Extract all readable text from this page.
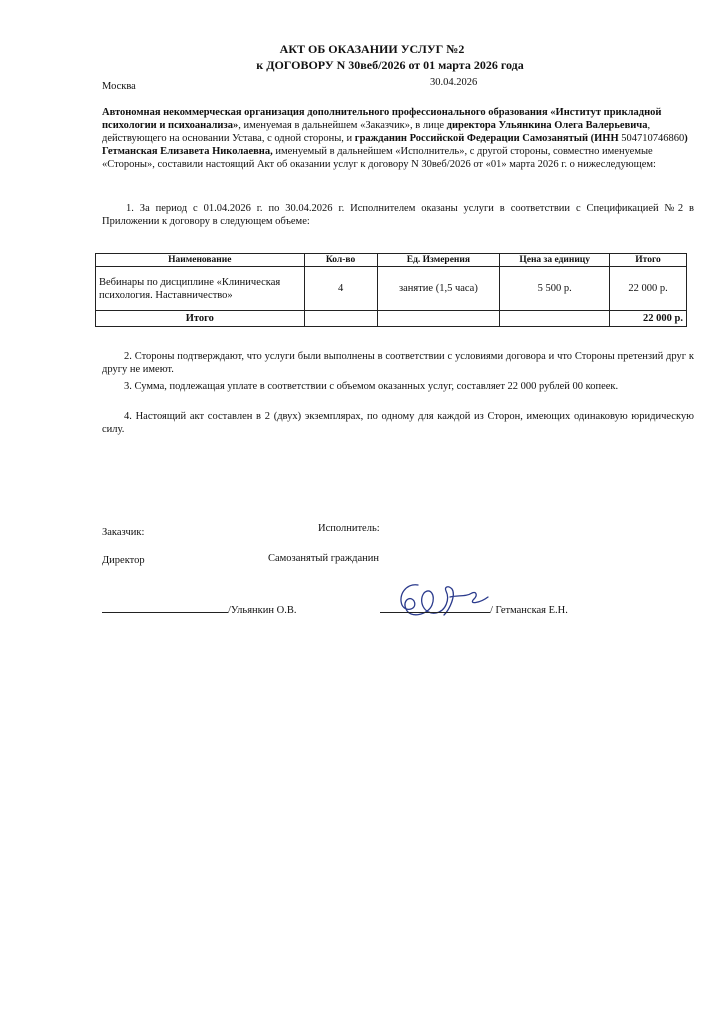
АКТ ОБ ОКАЗАНИИ УСЛУГ №2
к ДОГОВОРУ N 30веб/2026 от 01 марта 2026 года
Москва	30.04.2026
Автономная некоммерческая организация дополнительного профессионального образования «Институт прикладной психологии и психоанализа», именуемая в дальнейшем «Заказчик», в лице директора Ульянкина Олега Валерьевича, действующего на основании Устава, с одной стороны, и гражданин Российской Федерации Самозанятый (ИНН 504710746860) Гетманская Елизавета Николаевна, именуемый в дальнейшем «Исполнитель», с другой стороны, совместно именуемые «Стороны», составили настоящий Акт об оказании услуг к договору N 30веб/2026 от «01» марта 2026 г. о нижеследующем:
1. За период с 01.04.2026 г. по 30.04.2026 г. Исполнителем оказаны услуги в соответствии с Спецификацией №2 в Приложении к договору в следующем объеме:
Наименование	Кол-во	Ед. Измерения	Цена за единицу	Итого
Вебинары по дисциплине «Клиническая психология. Наставничество»	4	занятие (1,5 часа)	5 500 р.	22 000 р.
Итого				22 000 р.
2. Стороны подтверждают, что услуги были выполнены в соответствии с условиями договора и что Стороны претензий друг к другу не имеют.
3. Сумма, подлежащая уплате в соответствии с объемом оказанных услуг, составляет 22 000 рублей 00 копеек.
4. Настоящий акт составлен в 2 (двух) экземплярах, по одному для каждой из Сторон, имеющих одинаковую юридическую силу.
Заказчик:	Исполнитель:
Директор	Самозанятый гражданин
/Ульянкин О.В.	/ Гетманская Е.Н.
